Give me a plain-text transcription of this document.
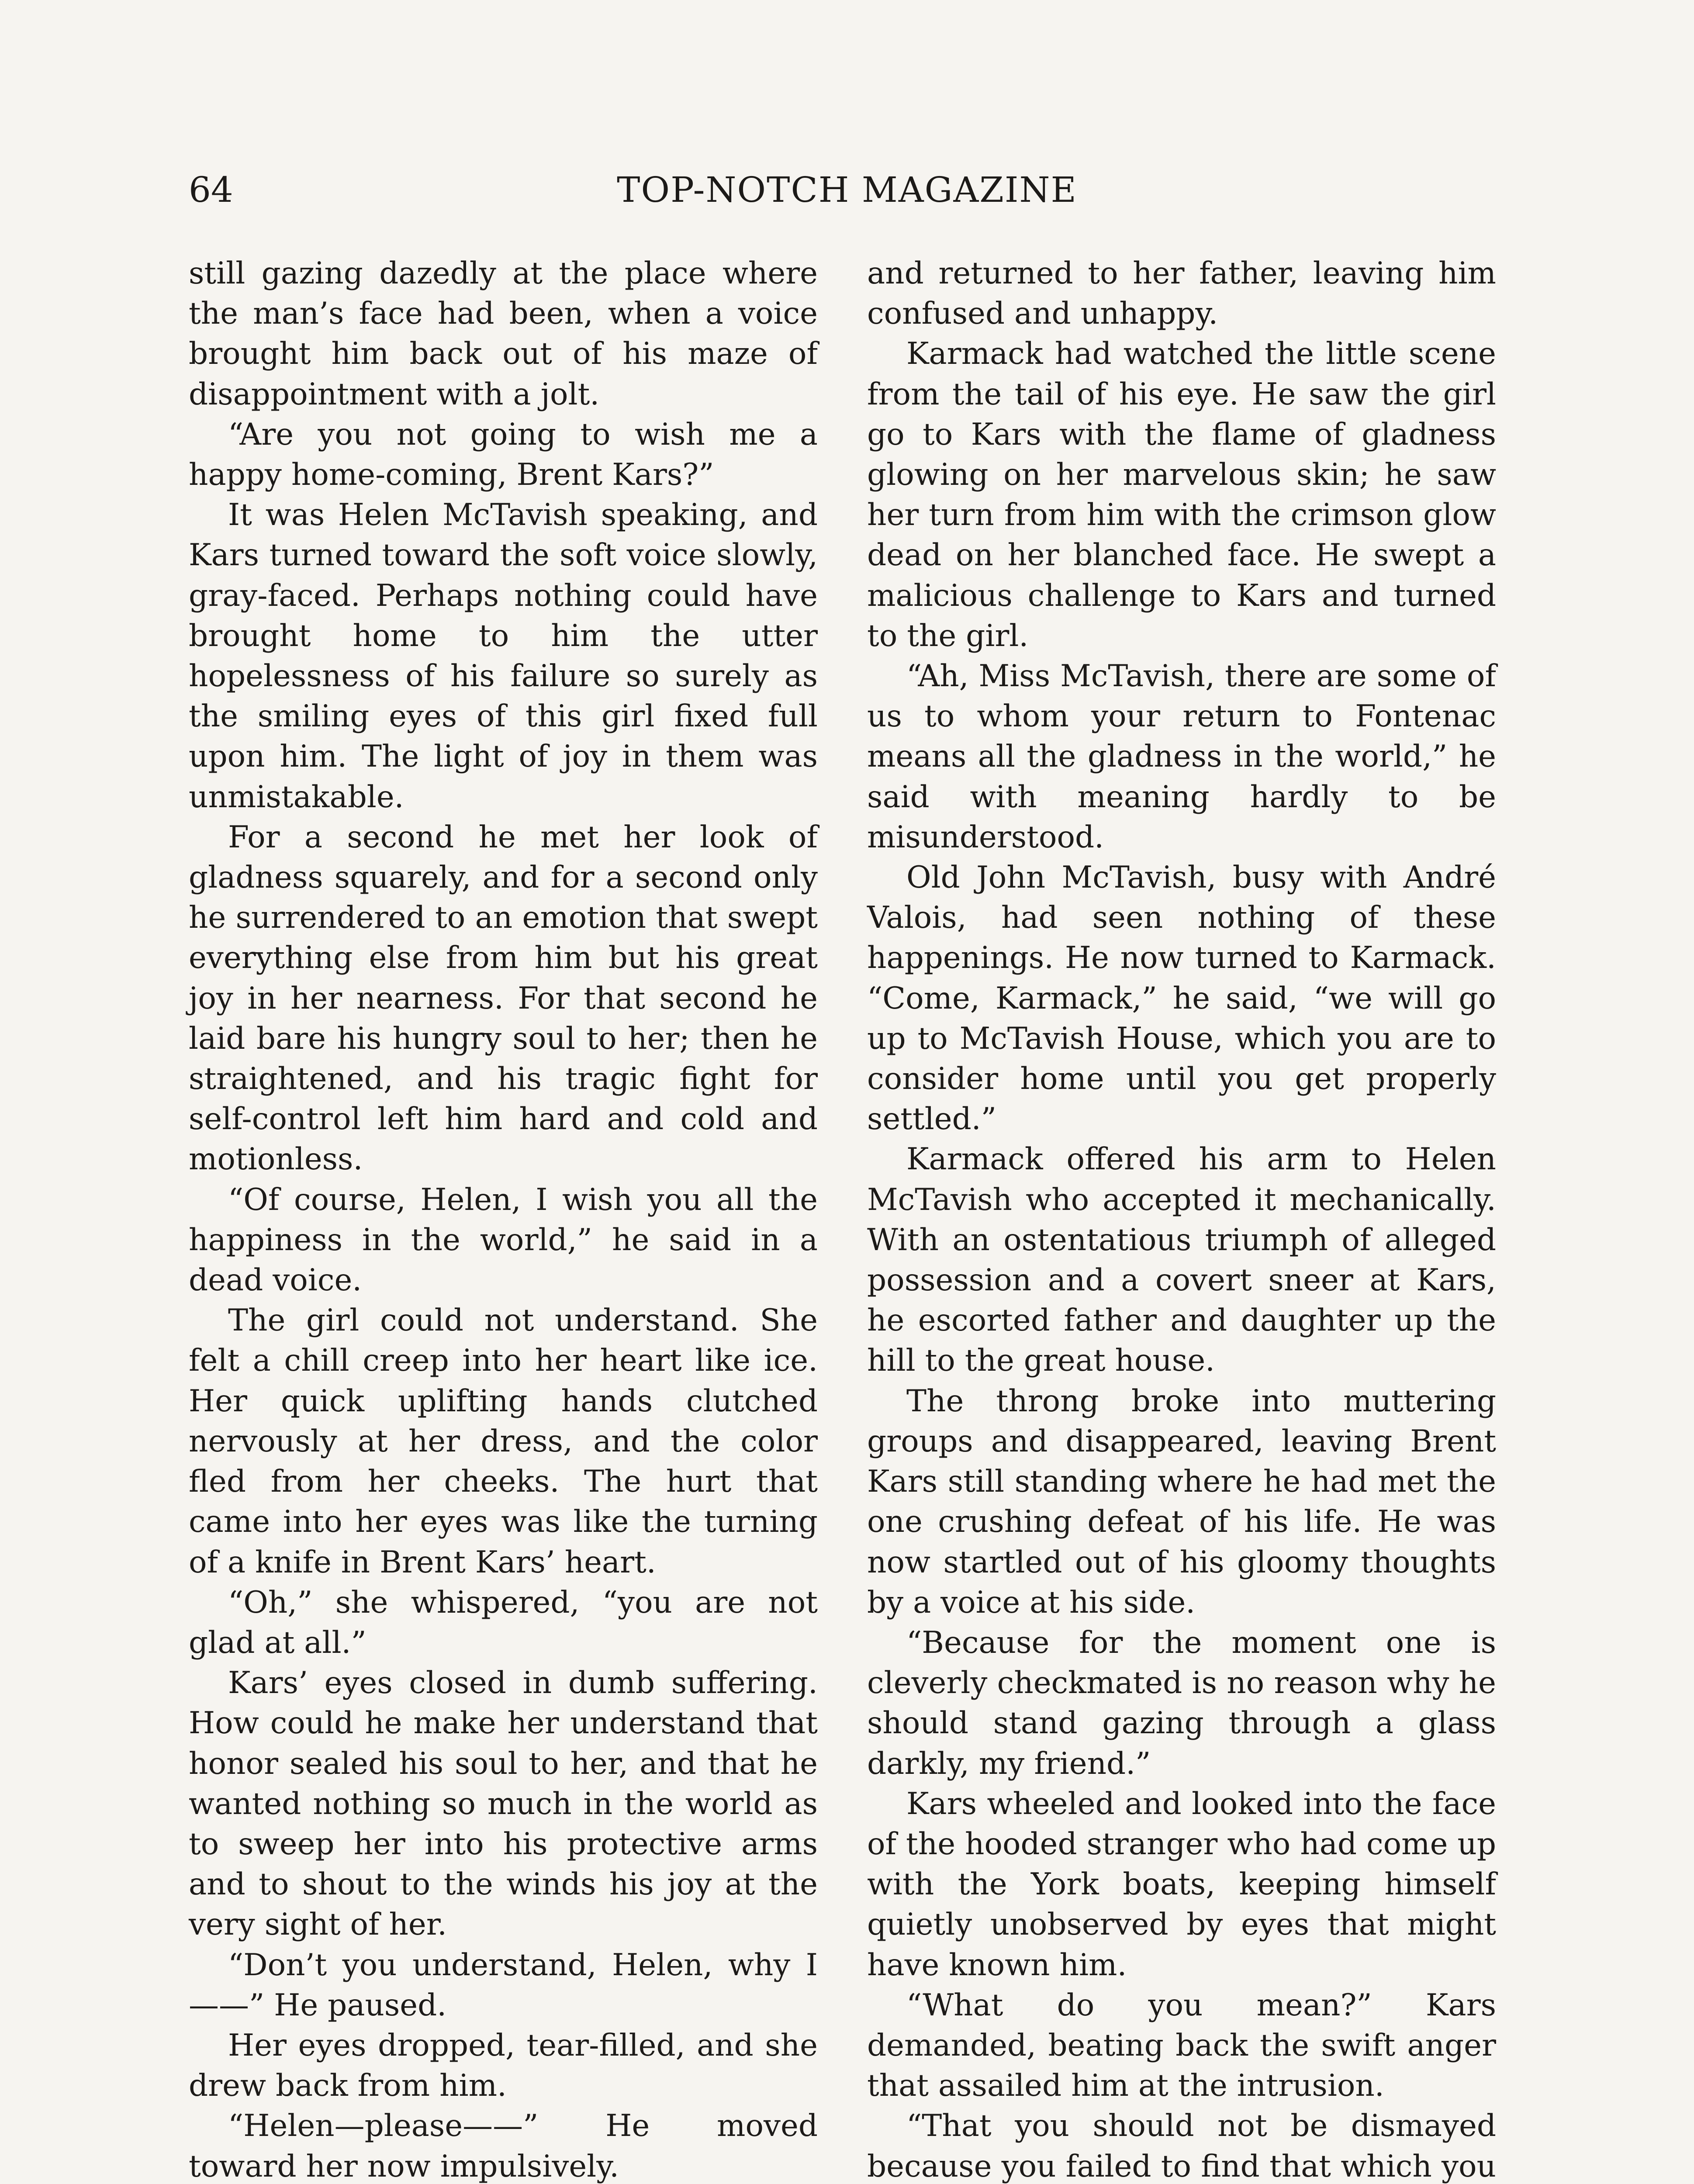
64	TOP-NOTCH MAGAZINE

still gazing dazedly at the place where the man’s face had been, when a voice brought him back out of his maze of disappointment with a jolt.

“Are you not going to wish me a happy home-coming, Brent Kars?”

It was Helen McTavish speaking, and Kars turned toward the soft voice slowly, gray-faced. Perhaps nothing could have brought home to him the utter hopelessness of his failure so surely as the smiling eyes of this girl fixed full upon him. The light of joy in them was unmistakable.

For a second he met her look of gladness squarely, and for a second only he surrendered to an emotion that swept everything else from him but his great joy in her nearness. For that second he laid bare his hungry soul to her; then he straightened, and his tragic fight for self-control left him hard and cold and motionless.

“Of course, Helen, I wish you all the happiness in the world,” he said in a dead voice.

The girl could not understand. She felt a chill creep into her heart like ice. Her quick uplifting hands clutched nervously at her dress, and the color fled from her cheeks. The hurt that came into her eyes was like the turning of a knife in Brent Kars’ heart.

“Oh,” she whispered, “you are not glad at all.”

Kars’ eyes closed in dumb suffering. How could he make her understand that honor sealed his soul to her, and that he wanted nothing so much in the world as to sweep her into his protective arms and to shout to the winds his joy at the very sight of her.

“Don’t you understand, Helen, why I——” He paused.

Her eyes dropped, tear-filled, and she drew back from him.

“Helen—please——” He moved toward her now impulsively.

and returned to her father, leaving him confused and unhappy.

Karmack had watched the little scene from the tail of his eye. He saw the girl go to Kars with the flame of gladness glowing on her marvelous skin; he saw her turn from him with the crimson glow dead on her blanched face. He swept a malicious challenge to Kars and turned to the girl.

“Ah, Miss McTavish, there are some of us to whom your return to Fontenac means all the gladness in the world,” he said with meaning hardly to be misunderstood.

Old John McTavish, busy with André Valois, had seen nothing of these happenings. He now turned to Karmack. “Come, Karmack,” he said, “we will go up to McTavish House, which you are to consider home until you get properly settled.”

Karmack offered his arm to Helen McTavish who accepted it mechanically. With an ostentatious triumph of alleged possession and a covert sneer at Kars, he escorted father and daughter up the hill to the great house.

The throng broke into muttering groups and disappeared, leaving Brent Kars still standing where he had met the one crushing defeat of his life. He was now startled out of his gloomy thoughts by a voice at his side.

“Because for the moment one is cleverly checkmated is no reason why he should stand gazing through a glass darkly, my friend.”

Kars wheeled and looked into the face of the hooded stranger who had come up with the York boats, keeping himself quietly unobserved by eyes that might have known him.

“What do you mean?” Kars demanded, beating back the swift anger that assailed him at the intrusion.

“That you should not be dismayed because you failed to find that which you
